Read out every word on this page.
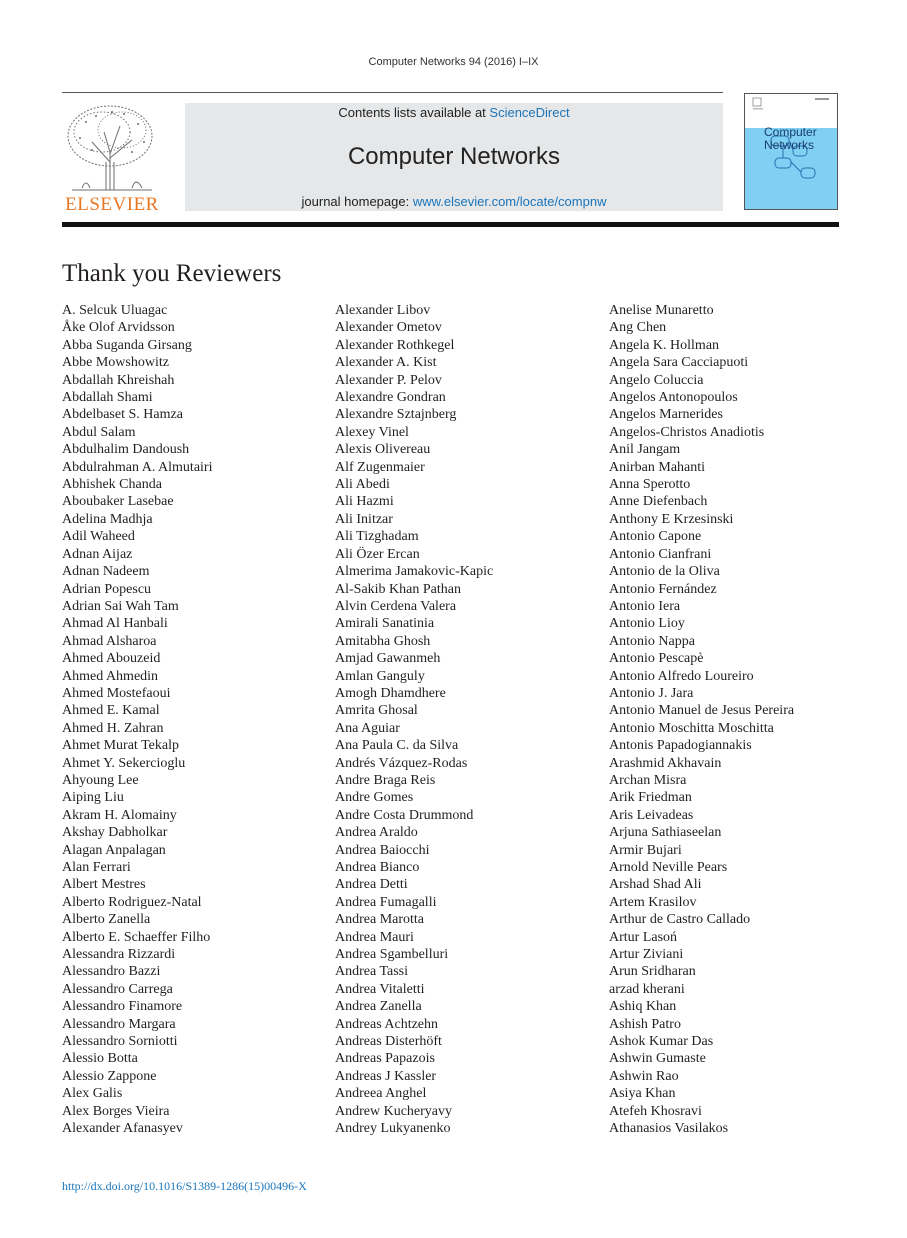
Computer Networks 94 (2016) I–IX
ELSEVIER
Contents lists available at ScienceDirect
Computer Networks
journal homepage: www.elsevier.com/locate/compnw
Computer
Networks
Thank you Reviewers
A. Selcuk Uluagac
Åke Olof Arvidsson
Abba Suganda Girsang
Abbe Mowshowitz
Abdallah Khreishah
Abdallah Shami
Abdelbaset S. Hamza
Abdul Salam
Abdulhalim Dandoush
Abdulrahman A. Almutairi
Abhishek Chanda
Aboubaker Lasebae
Adelina Madhja
Adil Waheed
Adnan Aijaz
Adnan Nadeem
Adrian Popescu
Adrian Sai Wah Tam
Ahmad Al Hanbali
Ahmad Alsharoa
Ahmed Abouzeid
Ahmed Ahmedin
Ahmed Mostefaoui
Ahmed E. Kamal
Ahmed H. Zahran
Ahmet Murat Tekalp
Ahmet Y. Sekercioglu
Ahyoung Lee
Aiping Liu
Akram H. Alomainy
Akshay Dabholkar
Alagan Anpalagan
Alan Ferrari
Albert Mestres
Alberto Rodriguez-Natal
Alberto Zanella
Alberto E. Schaeffer Filho
Alessandra Rizzardi
Alessandro Bazzi
Alessandro Carrega
Alessandro Finamore
Alessandro Margara
Alessandro Sorniotti
Alessio Botta
Alessio Zappone
Alex Galis
Alex Borges Vieira
Alexander Afanasyev
Alexander Libov
Alexander Ometov
Alexander Rothkegel
Alexander A. Kist
Alexander P. Pelov
Alexandre Gondran
Alexandre Sztajnberg
Alexey Vinel
Alexis Olivereau
Alf Zugenmaier
Ali Abedi
Ali Hazmi
Ali Initzar
Ali Tizghadam
Ali Özer Ercan
Almerima Jamakovic-Kapic
Al-Sakib Khan Pathan
Alvin Cerdena Valera
Amirali Sanatinia
Amitabha Ghosh
Amjad Gawanmeh
Amlan Ganguly
Amogh Dhamdhere
Amrita Ghosal
Ana Aguiar
Ana Paula C. da Silva
Andrés Vázquez-Rodas
Andre Braga Reis
Andre Gomes
Andre Costa Drummond
Andrea Araldo
Andrea Baiocchi
Andrea Bianco
Andrea Detti
Andrea Fumagalli
Andrea Marotta
Andrea Mauri
Andrea Sgambelluri
Andrea Tassi
Andrea Vitaletti
Andrea Zanella
Andreas Achtzehn
Andreas Disterhöft
Andreas Papazois
Andreas J Kassler
Andreea Anghel
Andrew Kucheryavy
Andrey Lukyanenko
Anelise Munaretto
Ang Chen
Angela K. Hollman
Angela Sara Cacciapuoti
Angelo Coluccia
Angelos Antonopoulos
Angelos Marnerides
Angelos-Christos Anadiotis
Anil Jangam
Anirban Mahanti
Anna Sperotto
Anne Diefenbach
Anthony E Krzesinski
Antonio Capone
Antonio Cianfrani
Antonio de la Oliva
Antonio Fernández
Antonio Iera
Antonio Lioy
Antonio Nappa
Antonio Pescapè
Antonio Alfredo Loureiro
Antonio J. Jara
Antonio Manuel de Jesus Pereira
Antonio Moschitta Moschitta
Antonis Papadogiannakis
Arashmid Akhavain
Archan Misra
Arik Friedman
Aris Leivadeas
Arjuna Sathiaseelan
Armir Bujari
Arnold Neville Pears
Arshad Shad Ali
Artem Krasilov
Arthur de Castro Callado
Artur Lasoń
Artur Ziviani
Arun Sridharan
arzad kherani
Ashiq Khan
Ashish Patro
Ashok Kumar Das
Ashwin Gumaste
Ashwin Rao
Asiya Khan
Atefeh Khosravi
Athanasios Vasilakos
http://dx.doi.org/10.1016/S1389-1286(15)00496-X
